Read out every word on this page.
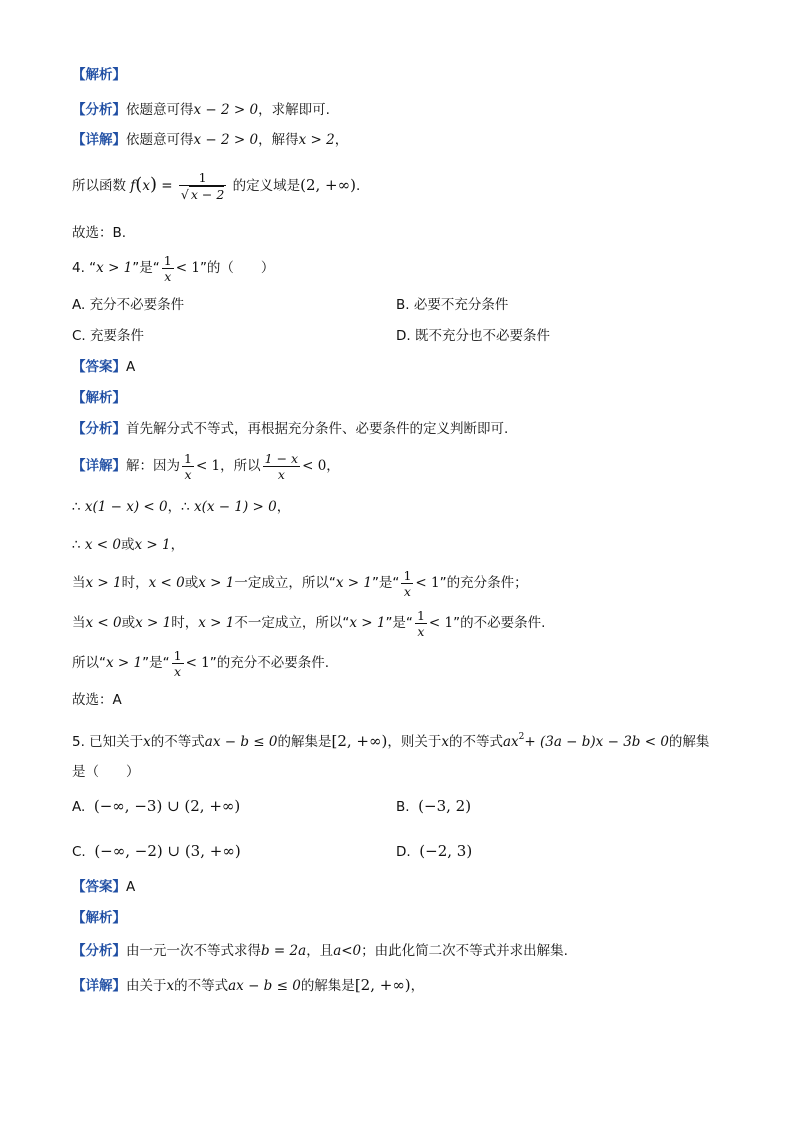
【解析】
【分析】依题意可得x − 2 > 0，求解即可.
【详解】依题意可得x − 2 > 0，解得x > 2，
所以函数 $f(x) = \frac{1}{√ x - 2}$ 的定义域是(2, +∞).
故选：B.
4. “x > 1”是“ $\frac{1}{x} < 1$”的（　　）
A. 充分不必要条件	B. 必要不充分条件
C. 充要条件	D. 既不充分也不必要条件
【答案】A
【解析】
【分析】首先解分式不等式，再根据充分条件、必要条件的定义判断即可.
【详解】解：因为 $\frac{1}{x} < 1$，所以 $\frac{1 - x}{x} < 0$，
∴ x(1 − x) < 0，∴ x(x − 1) > 0，
∴ x < 0或x > 1，
当x > 1时，x < 0或x > 1一定成立，所以“x > 1”是“ $\frac{1}{x} < 1$”的充分条件；
当x < 0或x > 1时，x > 1不一定成立，所以“x > 1”是“ $\frac{1}{x} < 1$”的不必要条件.
所以“x > 1”是“ $\frac{1}{x} < 1$”的充分不必要条件.
故选：A
5. 已知关于x的不等式ax − b ≤ 0的解集是[2, +∞)，则关于x的不等式$ax^2+ (3a - b)x - 3b < 0$的解集
是（　　）
A. (−∞, −3) ∪ (2, +∞)	B. (−3, 2)
C. (−∞, −2) ∪ (3, +∞)	D. (−2, 3)
【答案】A
【解析】
【分析】由一元一次不等式求得b = 2a，且a<0；由此化简二次不等式并求出解集.
【详解】由关于x的不等式ax − b ≤ 0的解集是[2, +∞)，
